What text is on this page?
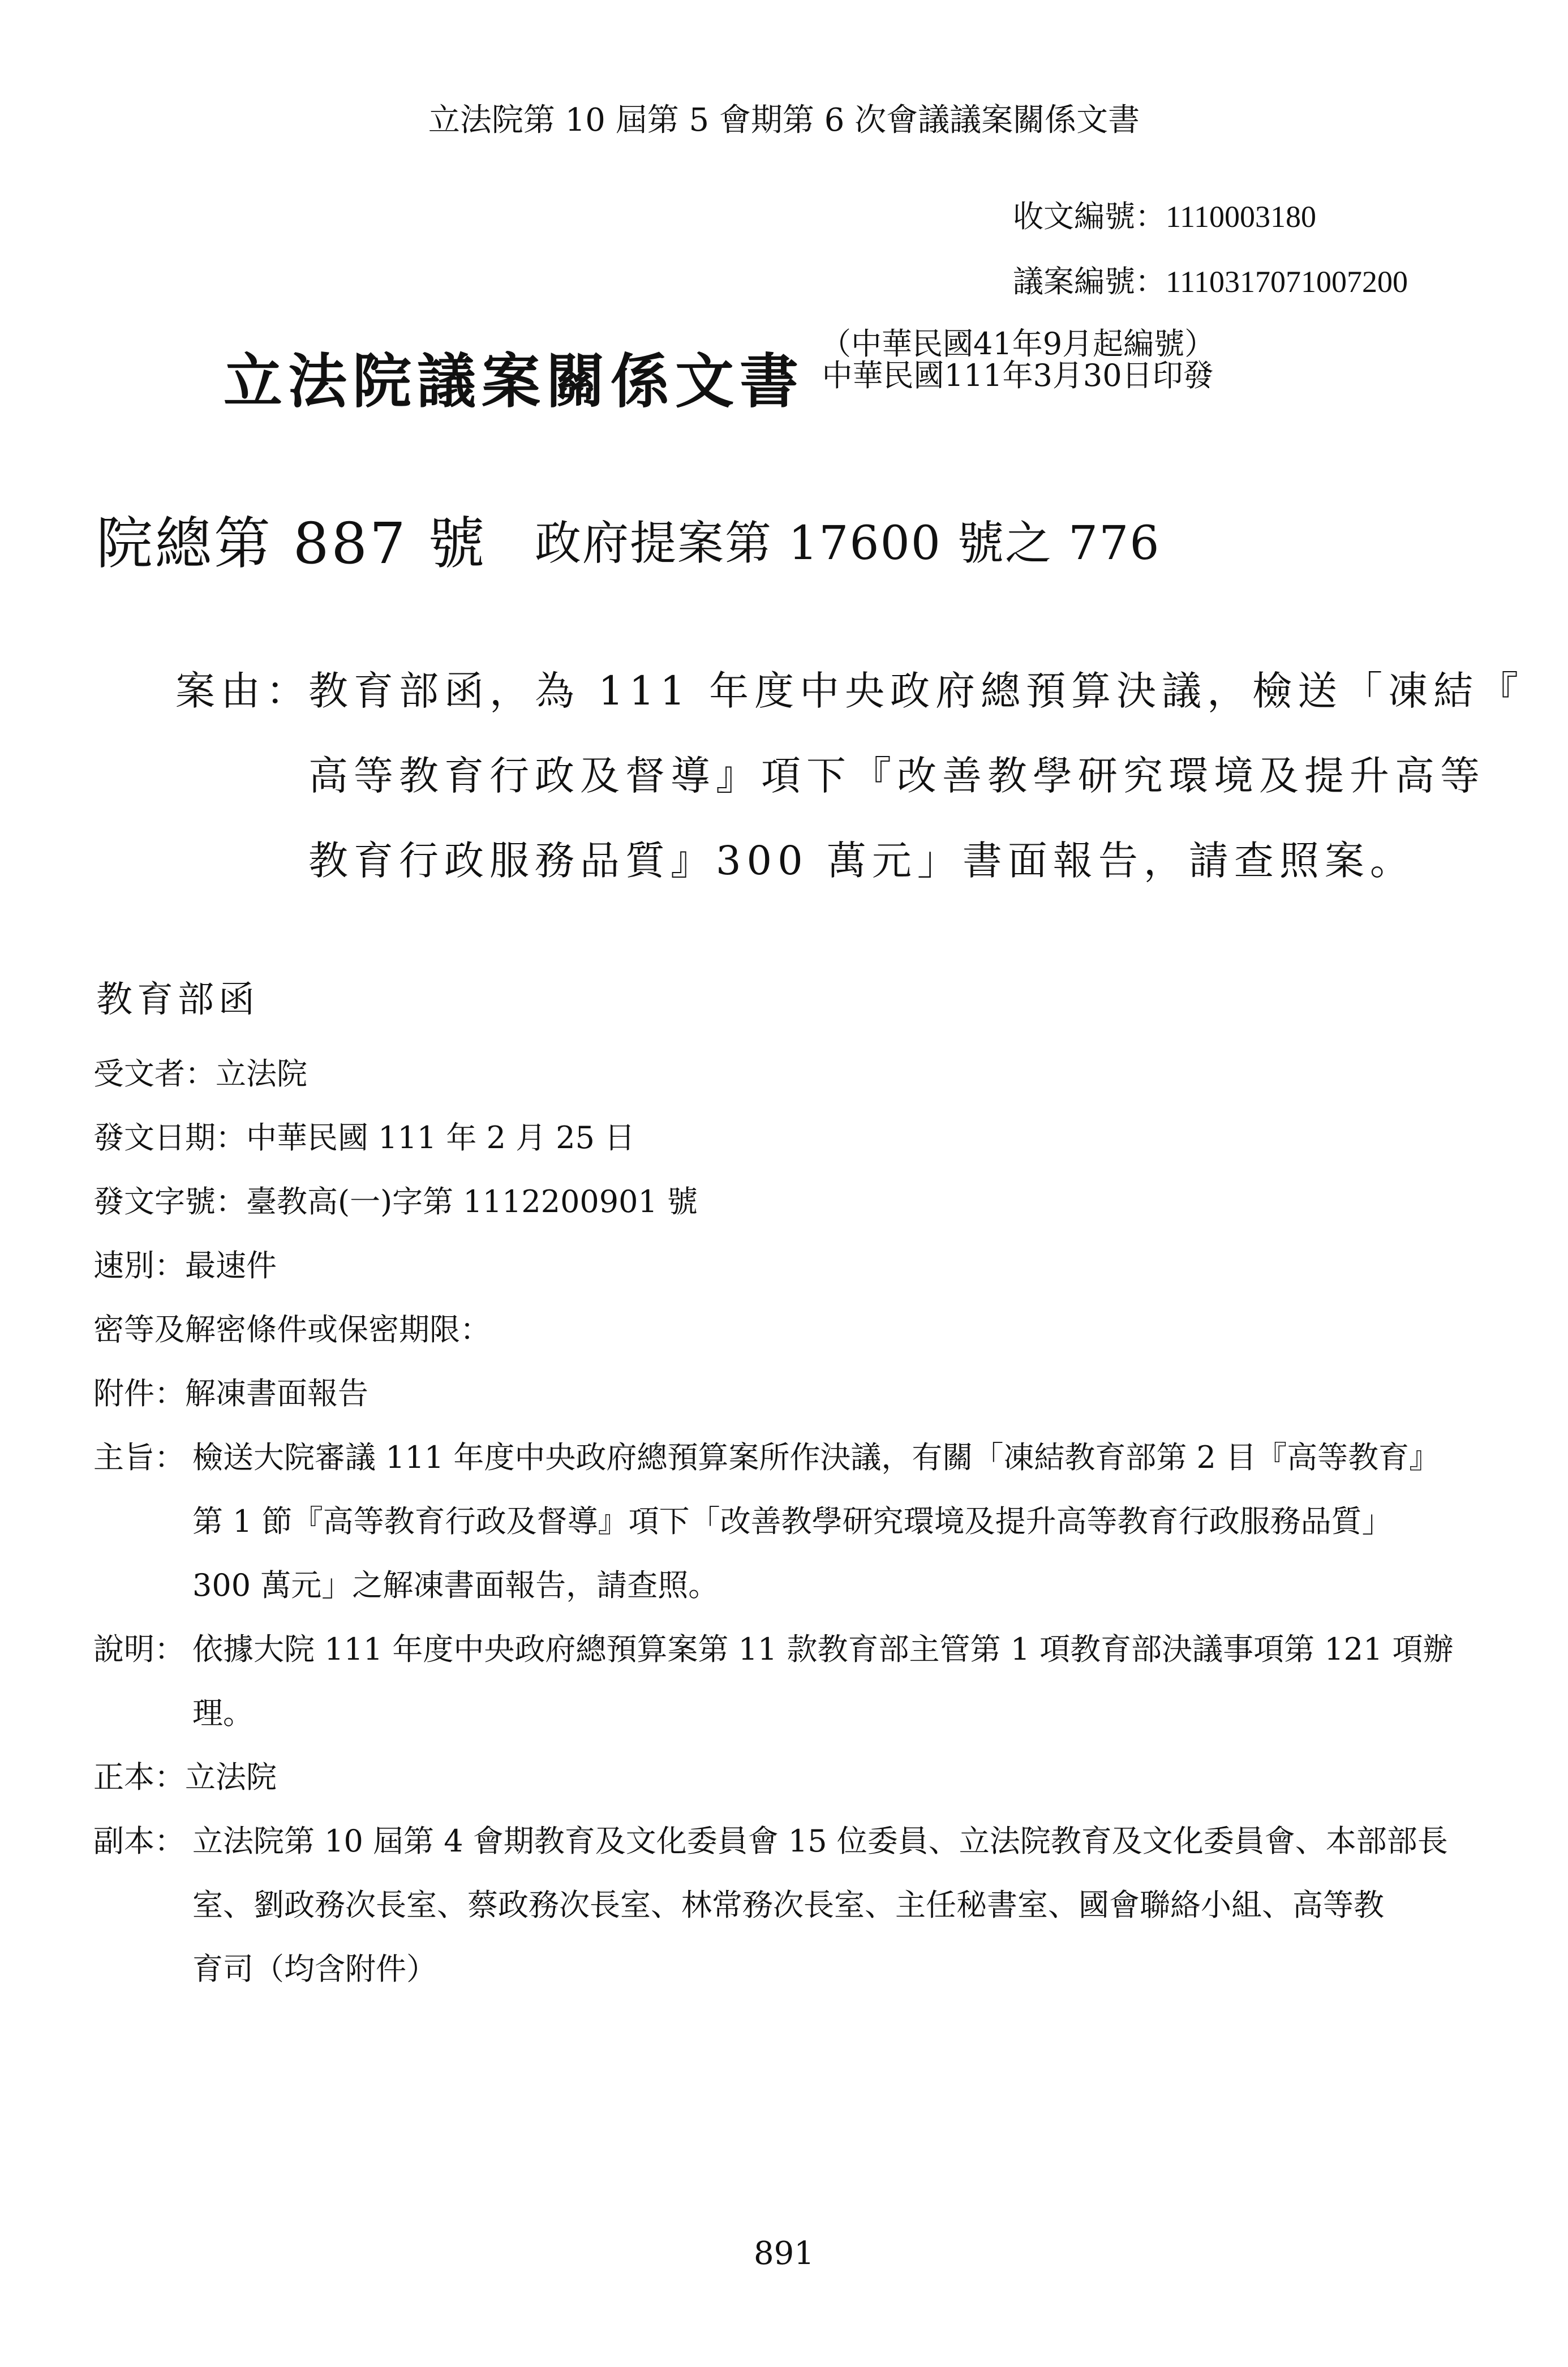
立法院第 10 屆第 5 會期第 6 次會議議案關係文書
收文編號：1110003180
議案編號：1110317071007200
立法院議案關係文書
（中華民國41年9月起編號）
中華民國111年3月30日印發
院總第 887 號 政府提案第 17600 號之 776
案由：
教育部函，為 111 年度中央政府總預算決議，檢送「凍結『
高等教育行政及督導』項下『改善教學研究環境及提升高等
教育行政服務品質』300 萬元」書面報告，請查照案。
教育部函
受文者：立法院
發文日期：中華民國 111 年 2 月 25 日
發文字號：臺教高(一)字第 1112200901 號
速別：最速件
密等及解密條件或保密期限：
附件：解凍書面報告
主旨： 檢送大院審議 111 年度中央政府總預算案所作決議，有關「凍結教育部第 2 目『高等教育』
第 1 節『高等教育行政及督導』項下「改善教學研究環境及提升高等教育行政服務品質」
300 萬元」之解凍書面報告，請查照。
說明： 依據大院 111 年度中央政府總預算案第 11 款教育部主管第 1 項教育部決議事項第 121 項辦
理。
正本：立法院
副本： 立法院第 10 屆第 4 會期教育及文化委員會 15 位委員、立法院教育及文化委員會、本部部長
室、劉政務次長室、蔡政務次長室、林常務次長室、主任秘書室、國會聯絡小組、高等教
育司（均含附件）
891
